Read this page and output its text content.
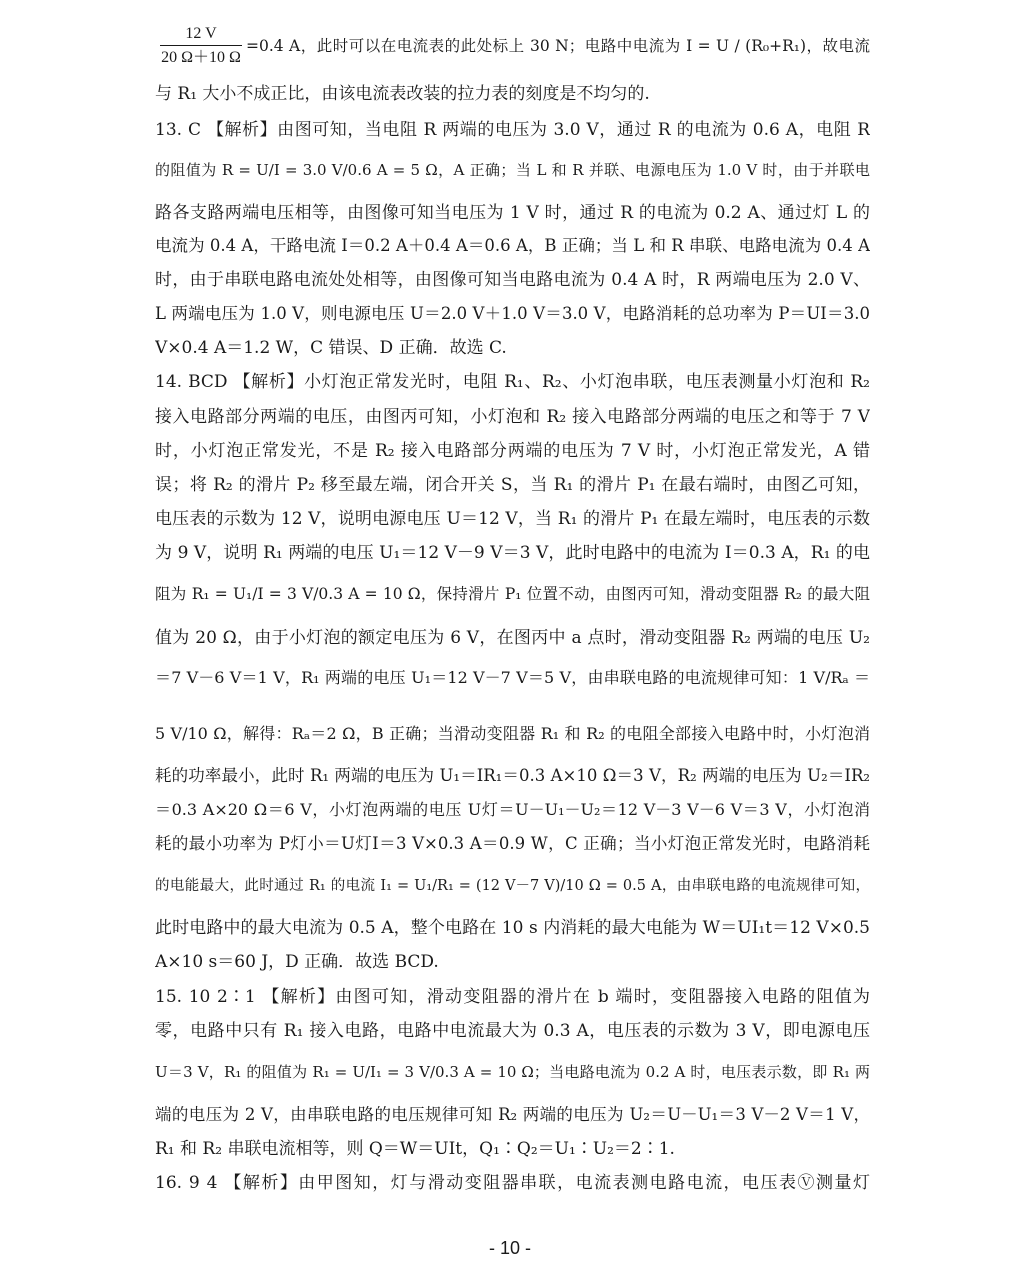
12 V
20 Ω＋10 Ω
=0.4 A，此时可以在电流表的此处标上 30 N；电路中电流为 I = U / (R₀+R₁)，故电流
与 R₁ 大小不成正比，由该电流表改装的拉力表的刻度是不均匀的.
13. C 【解析】由图可知，当电阻 R 两端的电压为 3.0 V，通过 R 的电流为 0.6 A，电阻 R
的阻值为 R = U/I = 3.0 V/0.6 A = 5 Ω，A 正确；当 L 和 R 并联、电源电压为 1.0 V 时，由于并联电
路各支路两端电压相等，由图像可知当电压为 1 V 时，通过 R 的电流为 0.2 A、通过灯 L 的
电流为 0.4 A，干路电流 I＝0.2 A＋0.4 A＝0.6 A，B 正确；当 L 和 R 串联、电路电流为 0.4 A
时，由于串联电路电流处处相等，由图像可知当电路电流为 0.4 A 时，R 两端电压为 2.0 V、
L 两端电压为 1.0 V，则电源电压 U＝2.0 V＋1.0 V＝3.0 V，电路消耗的总功率为 P＝UI＝3.0
V×0.4 A＝1.2 W，C 错误、D 正确．故选 C.
14. BCD 【解析】小灯泡正常发光时，电阻 R₁、R₂、小灯泡串联，电压表测量小灯泡和 R₂
接入电路部分两端的电压，由图丙可知，小灯泡和 R₂ 接入电路部分两端的电压之和等于 7 V
时，小灯泡正常发光，不是 R₂ 接入电路部分两端的电压为 7 V 时，小灯泡正常发光，A 错
误；将 R₂ 的滑片 P₂ 移至最左端，闭合开关 S，当 R₁ 的滑片 P₁ 在最右端时，由图乙可知，
电压表的示数为 12 V，说明电源电压 U＝12 V，当 R₁ 的滑片 P₁ 在最左端时，电压表的示数
为 9 V，说明 R₁ 两端的电压 U₁＝12 V－9 V＝3 V，此时电路中的电流为 I＝0.3 A，R₁ 的电
阻为 R₁ = U₁/I = 3 V/0.3 A = 10 Ω，保持滑片 P₁ 位置不动，由图丙可知，滑动变阻器 R₂ 的最大阻
值为 20 Ω，由于小灯泡的额定电压为 6 V，在图丙中 a 点时，滑动变阻器 R₂ 两端的电压 U₂
＝7 V－6 V＝1 V，R₁ 两端的电压 U₁＝12 V－7 V＝5 V，由串联电路的电流规律可知：1 V/Rₐ ＝
5 V/10 Ω，解得：Rₐ＝2 Ω，B 正确；当滑动变阻器 R₁ 和 R₂ 的电阻全部接入电路中时，小灯泡消
耗的功率最小，此时 R₁ 两端的电压为 U₁＝IR₁＝0.3 A×10 Ω＝3 V，R₂ 两端的电压为 U₂＝IR₂
＝0.3 A×20 Ω＝6 V，小灯泡两端的电压 U灯＝U－U₁－U₂＝12 V－3 V－6 V＝3 V，小灯泡消
耗的最小功率为 P灯小＝U灯I＝3 V×0.3 A＝0.9 W，C 正确；当小灯泡正常发光时，电路消耗
的电能最大，此时通过 R₁ 的电流 I₁ = U₁/R₁ = (12 V－7 V)/10 Ω = 0.5 A，由串联电路的电流规律可知，
此时电路中的最大电流为 0.5 A，整个电路在 10 s 内消耗的最大电能为 W＝UI₁t＝12 V×0.5
A×10 s＝60 J，D 正确．故选 BCD.
15. 10 2∶1 【解析】由图可知，滑动变阻器的滑片在 b 端时，变阻器接入电路的阻值为
零，电路中只有 R₁ 接入电路，电路中电流最大为 0.3 A，电压表的示数为 3 V，即电源电压
U＝3 V，R₁ 的阻值为 R₁ = U/I₁ = 3 V/0.3 A = 10 Ω；当电路电流为 0.2 A 时，电压表示数，即 R₁ 两
端的电压为 2 V，由串联电路的电压规律可知 R₂ 两端的电压为 U₂＝U－U₁＝3 V－2 V＝1 V，
R₁ 和 R₂ 串联电流相等，则 Q＝W＝UIt，Q₁∶Q₂＝U₁∶U₂＝2∶1.
16. 9 4 【解析】由甲图知，灯与滑动变阻器串联，电流表测电路电流，电压表Ⓥ测量灯
- 10 -
